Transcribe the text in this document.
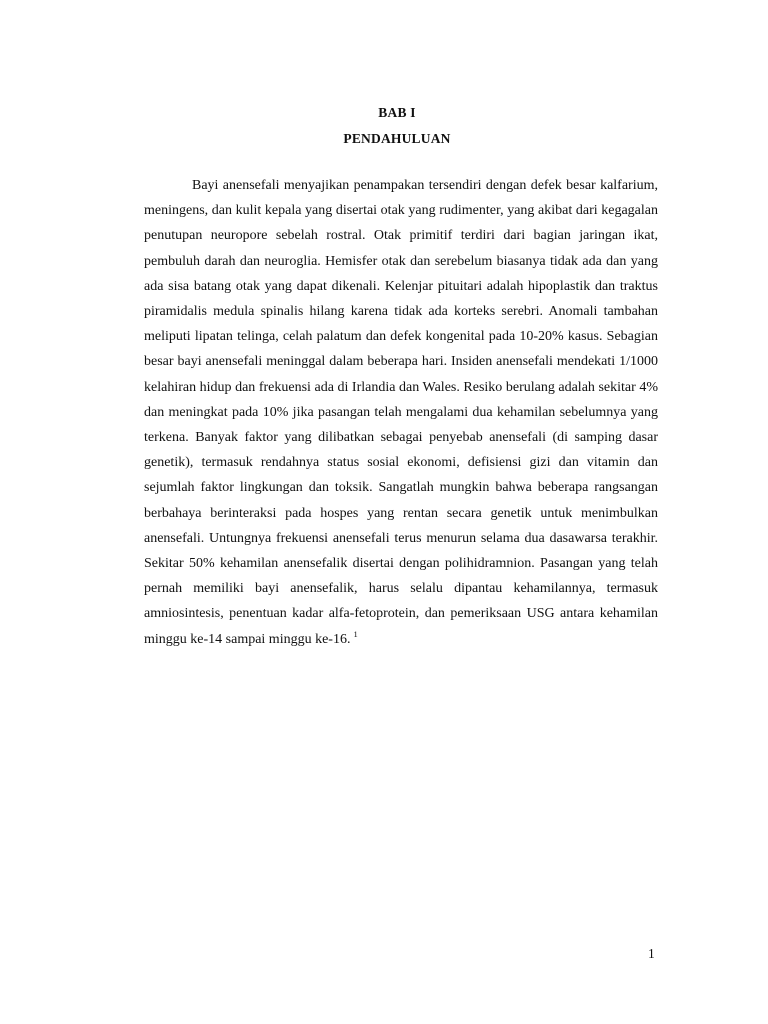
BAB I
PENDAHULUAN

Bayi anensefali menyajikan penampakan tersendiri dengan defek besar kalfarium, meningens, dan kulit kepala yang disertai otak yang rudimenter, yang akibat dari kegagalan penutupan neuropore sebelah rostral. Otak primitif terdiri dari bagian jaringan ikat, pembuluh darah dan neuroglia. Hemisfer otak dan serebelum biasanya tidak ada dan yang ada sisa batang otak yang dapat dikenali. Kelenjar pituitari adalah hipoplastik dan traktus piramidalis medula spinalis hilang karena tidak ada korteks serebri. Anomali tambahan meliputi lipatan telinga, celah palatum dan defek kongenital pada 10-20% kasus. Sebagian besar bayi anensefali meninggal dalam beberapa hari. Insiden anensefali mendekati 1/1000 kelahiran hidup dan frekuensi ada di Irlandia dan Wales. Resiko berulang adalah sekitar 4% dan meningkat pada 10% jika pasangan telah mengalami dua kehamilan sebelumnya yang terkena. Banyak faktor yang dilibatkan sebagai penyebab anensefali (di samping dasar genetik), termasuk rendahnya status sosial ekonomi, defisiensi gizi dan vitamin dan sejumlah faktor lingkungan dan toksik. Sangatlah mungkin bahwa beberapa rangsangan berbahaya berinteraksi pada hospes yang rentan secara genetik untuk menimbulkan anensefali. Untungnya frekuensi anensefali terus menurun selama dua dasawarsa terakhir. Sekitar 50% kehamilan anensefalik disertai dengan polihidramnion. Pasangan yang telah pernah memiliki bayi anensefalik, harus selalu dipantau kehamilannya, termasuk amniosintesis, penentuan kadar alfa-fetoprotein, dan pemeriksaan USG antara kehamilan minggu ke-14 sampai minggu ke-16. $^1$

1
